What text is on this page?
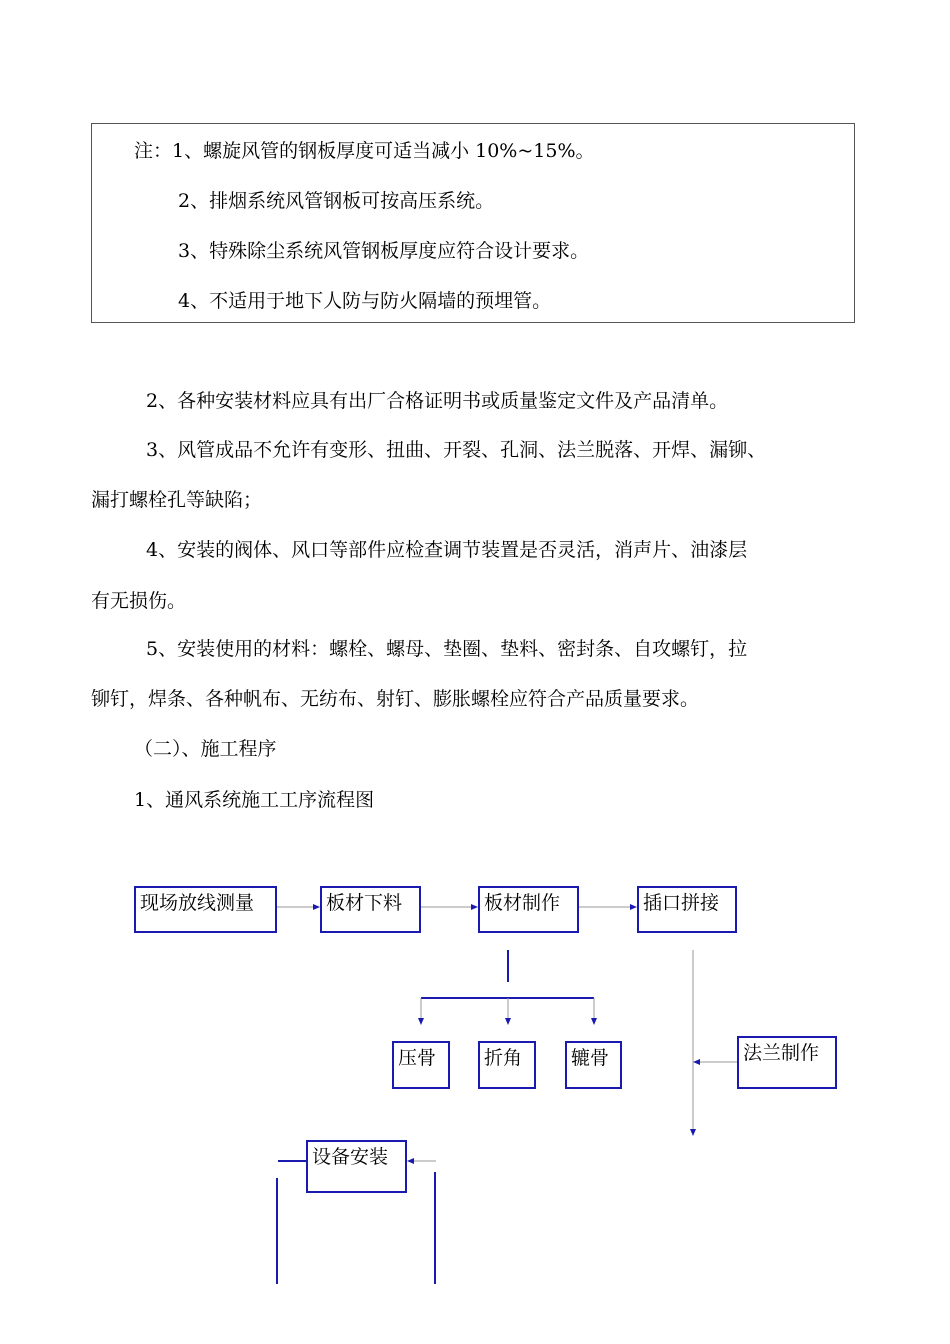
注：1、螺旋风管的钢板厚度可适当减小 10%~15%。
2、排烟系统风管钢板可按高压系统。
3、特殊除尘系统风管钢板厚度应符合设计要求。
4、不适用于地下人防与防火隔墙的预埋管。
2、各种安装材料应具有出厂合格证明书或质量鉴定文件及产品清单。
3、风管成品不允许有变形、扭曲、开裂、孔洞、法兰脱落、开焊、漏铆、
漏打螺栓孔等缺陷；
4、安装的阀体、风口等部件应检查调节装置是否灵活，消声片、油漆层
有无损伤。
5、安装使用的材料：螺栓、螺母、垫圈、垫料、密封条、自攻螺钉，拉
铆钉，焊条、各种帆布、无纺布、射钉、膨胀螺栓应符合产品质量要求。
（二）、施工程序
1、通风系统施工工序流程图
现场放线测量	板材下料	板材制作	插口拼接
压骨	折角	辘骨	法兰制作
设备安装
